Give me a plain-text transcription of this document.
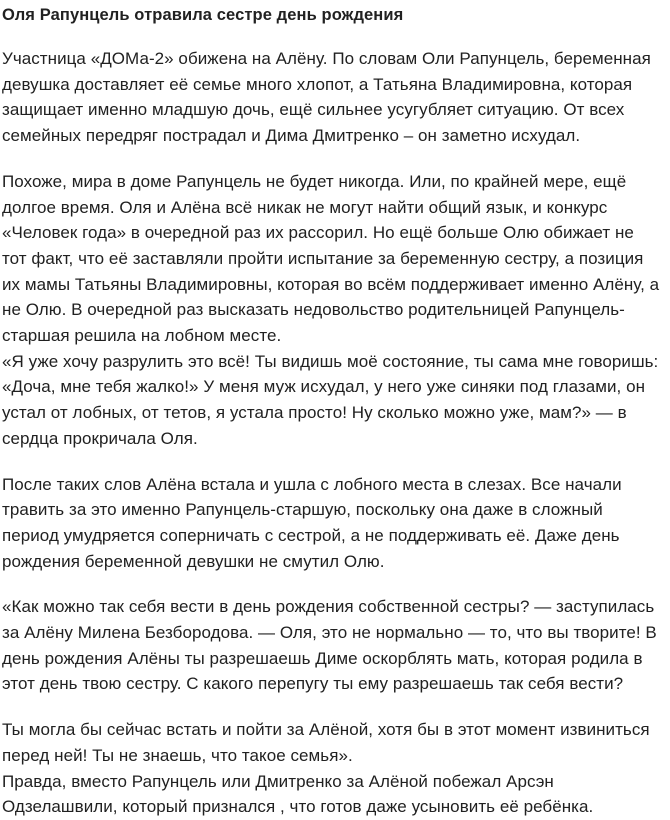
Оля Рапунцель отравила сестре день рождения

Участница «ДОМа-2» обижена на Алёну. По словам Оли Рапунцель, беременная девушка доставляет её семье много хлопот, а Татьяна Владимировна, которая защищает именно младшую дочь, ещё сильнее усугубляет ситуацию. От всех семейных передряг пострадал и Дима Дмитренко – он заметно исхудал.

Похоже, мира в доме Рапунцель не будет никогда. Или, по крайней мере, ещё долгое время. Оля и Алёна всё никак не могут найти общий язык, и конкурс «Человек года» в очередной раз их рассорил. Но ещё больше Олю обижает не тот факт, что её заставляли пройти испытание за беременную сестру, а позиция их мамы Татьяны Владимировны, которая во всём поддерживает именно Алёну, а не Олю. В очередной раз высказать недовольство родительницей Рапунцель-старшая решила на лобном месте.

«Я уже хочу разрулить это всё! Ты видишь моё состояние, ты сама мне говоришь: «Доча, мне тебя жалко!» У меня муж исхудал, у него уже синяки под глазами, он устал от лобных, от тетов, я устала просто! Ну сколько можно уже, мам?» — в сердца прокричала Оля.

После таких слов Алёна встала и ушла с лобного места в слезах. Все начали травить за это именно Рапунцель-старшую, поскольку она даже в сложный период умудряется соперничать с сестрой, а не поддерживать её. Даже день рождения беременной девушки не смутил Олю.

«Как можно так себя вести в день рождения собственной сестры? — заступилась за Алёну Милена Безбородова. — Оля, это не нормально — то, что вы творите! В день рождения Алёны ты разрешаешь Диме оскорблять мать, которая родила в этот день твою сестру. С какого перепугу ты ему разрешаешь так себя вести?

Ты могла бы сейчас встать и пойти за Алёной, хотя бы в этот момент извиниться перед ней! Ты не знаешь, что такое семья».

Правда, вместо Рапунцель или Дмитренко за Алёной побежал Арсэн Одзелашвили, который признался , что готов даже усыновить её ребёнка.
